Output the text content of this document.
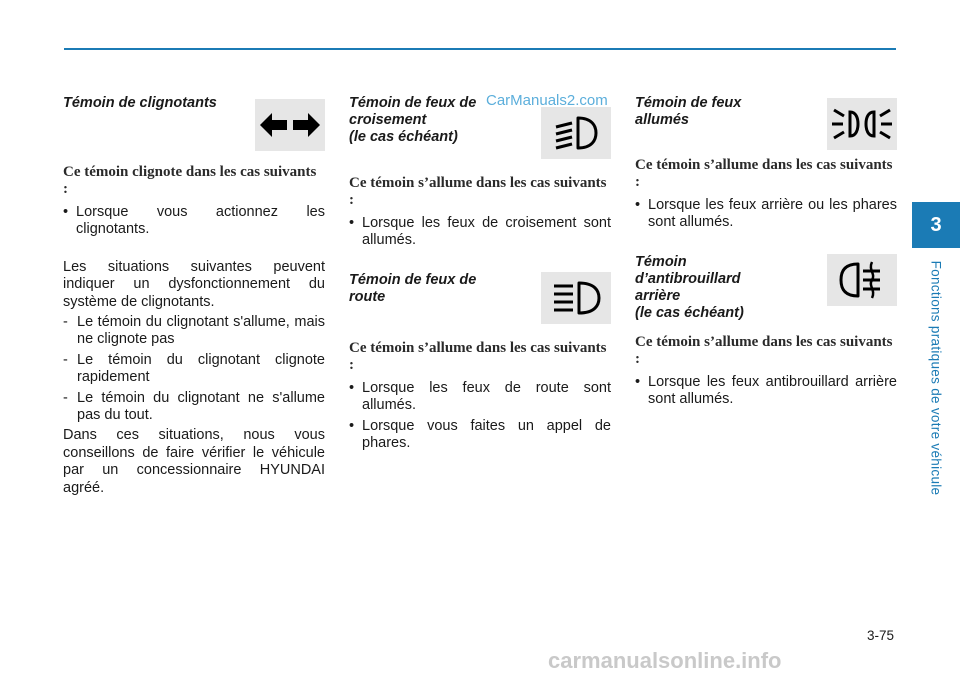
Témoin de clignotants

Ce témoin clignote dans les cas suivants :

• Lorsque vous actionnez les clignotants.

Les situations suivantes peuvent indiquer un dysfonctionnement du système de clignotants.

- Le témoin du clignotant s'allume, mais ne clignote pas
- Le témoin du clignotant clignote rapidement
- Le témoin du clignotant ne s'allume pas du tout.

Dans ces situations, nous vous conseillons de faire vérifier le véhicule par un concessionnaire HYUNDAI agréé.

Témoin de feux de
croisement
(le cas échéant)

Ce témoin s’allume dans les cas suivants :

• Lorsque les feux de croisement sont allumés.

Témoin de feux de
route

Ce témoin s’allume dans les cas suivants :

• Lorsque les feux de route sont allumés.
• Lorsque vous faites un appel de phares.

Témoin de feux
allumés

Ce témoin s’allume dans les cas suivants :

• Lorsque les feux arrière ou les phares sont allumés.

Témoin d’antibrouillard
arrière
(le cas échéant)

Ce témoin s’allume dans les cas suivants :

• Lorsque les feux antibrouillard arrière sont allumés.
3
Fonctions pratiques de votre véhicule
3-75
CarManuals2.com
carmanualsonline.info
